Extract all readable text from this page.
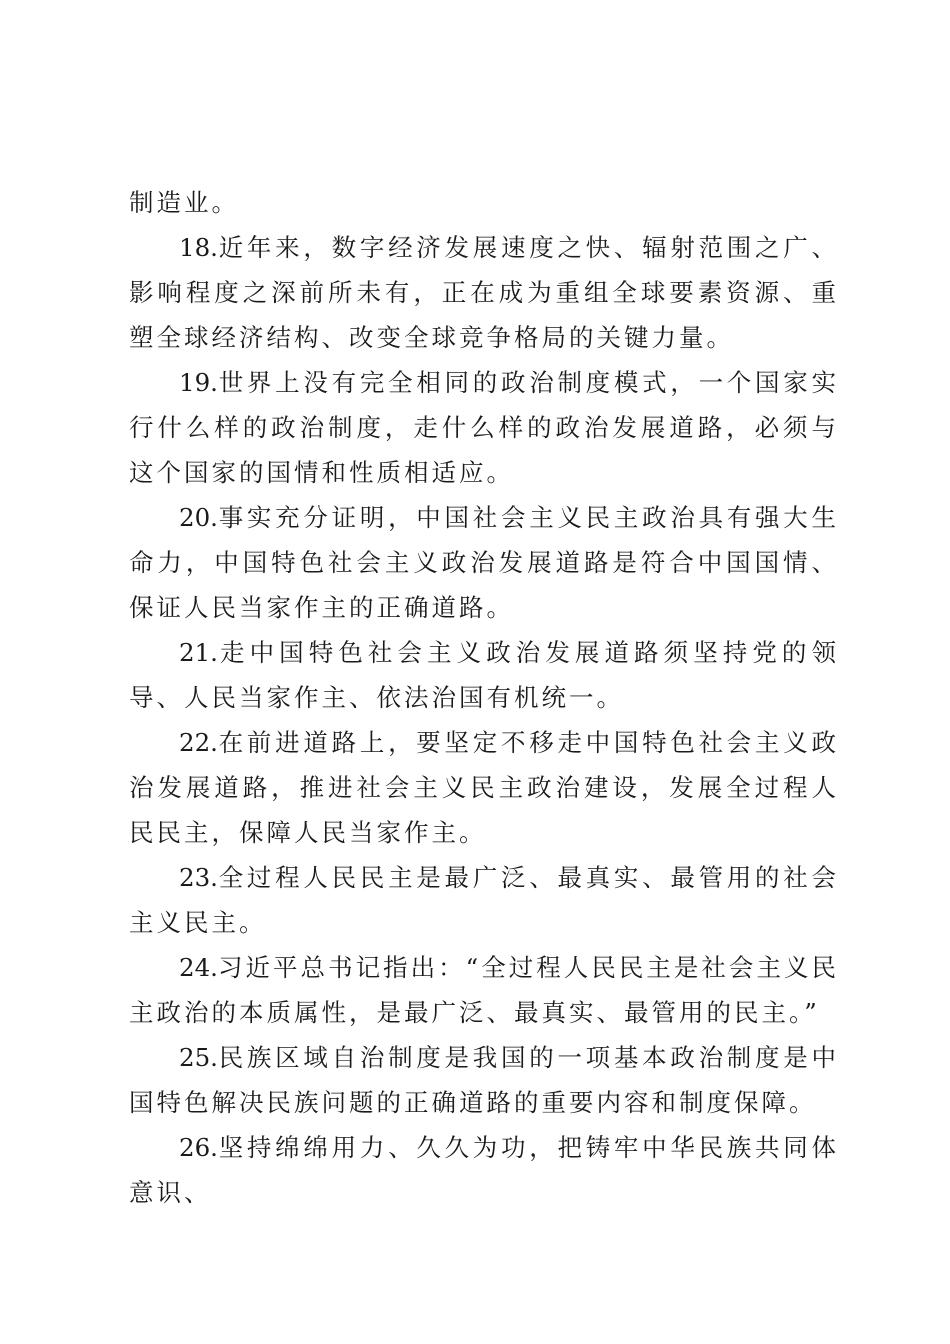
制造业。

18.近年来，数字经济发展速度之快、辐射范围之广、影响程度之深前所未有，正在成为重组全球要素资源、重塑全球经济结构、改变全球竞争格局的关键力量。

19.世界上没有完全相同的政治制度模式，一个国家实行什么样的政治制度，走什么样的政治发展道路，必须与这个国家的国情和性质相适应。

20.事实充分证明，中国社会主义民主政治具有强大生命力，中国特色社会主义政治发展道路是符合中国国情、保证人民当家作主的正确道路。

21.走中国特色社会主义政治发展道路须坚持党的领导、人民当家作主、依法治国有机统一。

22.在前进道路上，要坚定不移走中国特色社会主义政治发展道路，推进社会主义民主政治建设，发展全过程人民民主，保障人民当家作主。

23.全过程人民民主是最广泛、最真实、最管用的社会主义民主。

24.习近平总书记指出：“全过程人民民主是社会主义民主政治的本质属性，是最广泛、最真实、最管用的民主。”

25.民族区域自治制度是我国的一项基本政治制度是中国特色解决民族问题的正确道路的重要内容和制度保障。

26.坚持绵绵用力、久久为功，把铸牢中华民族共同体意识、
